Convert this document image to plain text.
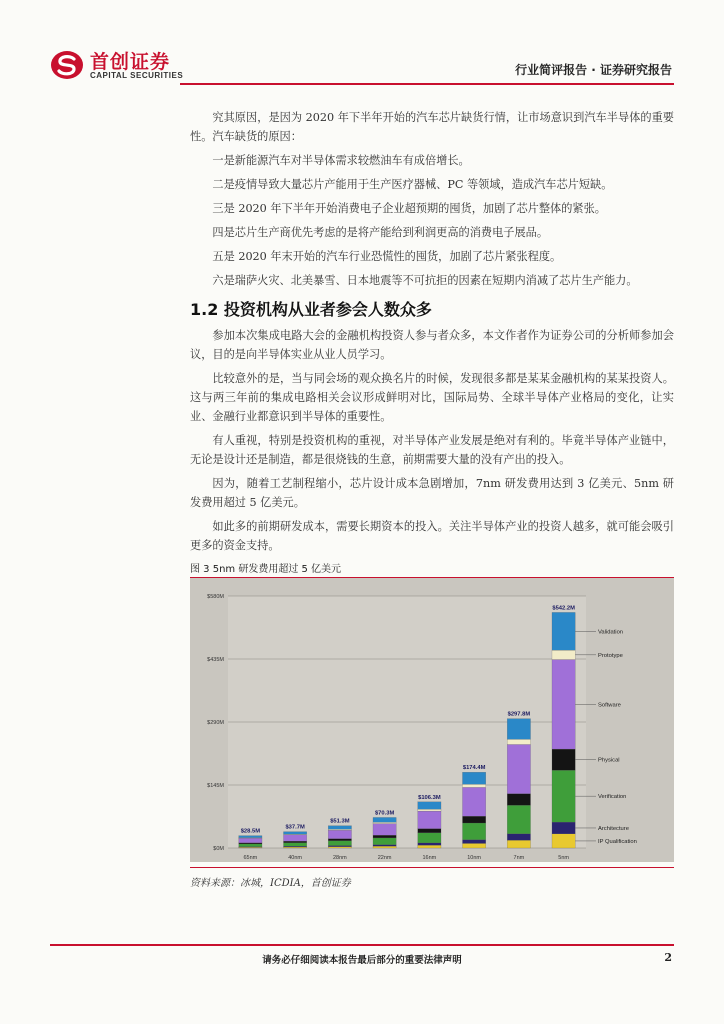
首创证券
CAPITAL SECURITIES	行业简评报告 · 证券研究报告

究其原因，是因为 2020 年下半年开始的汽车芯片缺货行情，让市场意识到汽车半导体的重要性。汽车缺货的原因：

一是新能源汽车对半导体需求较燃油车有成倍增长。

二是疫情导致大量芯片产能用于生产医疗器械、PC 等领域，造成汽车芯片短缺。

三是 2020 年下半年开始消费电子企业超预期的囤货，加剧了芯片整体的紧张。

四是芯片生产商优先考虑的是将产能给到利润更高的消费电子展品。

五是 2020 年末开始的汽车行业恐慌性的囤货，加剧了芯片紧张程度。

六是瑞萨火灾、北美暴雪、日本地震等不可抗拒的因素在短期内消减了芯片生产能力。

1.2 投资机构从业者参会人数众多

参加本次集成电路大会的金融机构投资人参与者众多，本文作者作为证券公司的分析师参加会议，目的是向半导体实业从业人员学习。

比较意外的是，当与同会场的观众换名片的时候，发现很多都是某某金融机构的某某投资人。这与两三年前的集成电路相关会议形成鲜明对比，国际局势、全球半导体产业格局的变化，让实业、金融行业都意识到半导体的重要性。

有人重视，特别是投资机构的重视，对半导体产业发展是绝对有利的。毕竟半导体产业链中，无论是设计还是制造，都是很烧钱的生意，前期需要大量的没有产出的投入。

因为，随着工艺制程缩小，芯片设计成本急剧增加，7nm 研发费用达到 3 亿美元、5nm 研发费用超过 5 亿美元。

如此多的前期研发成本，需要长期资本的投入。关注半导体产业的投资人越多，就可能会吸引更多的资金支持。

图 3 5nm 研发费用超过 5 亿美元
$0M
$145M
$290M
$435M
$580M
$28.5M
65nm
$37.7M
40nm
$51.3M
28nm
$70.3M
22nm
$106.3M
16nm
$174.4M
10nm
$297.8M
7nm
$542.2M
5nm
IP Qualification
Architecture
Verification
Physical
Software
Prototype
Validation
资料来源：冰城，ICDIA，首创证券
请务必仔细阅读本报告最后部分的重要法律声明	2
